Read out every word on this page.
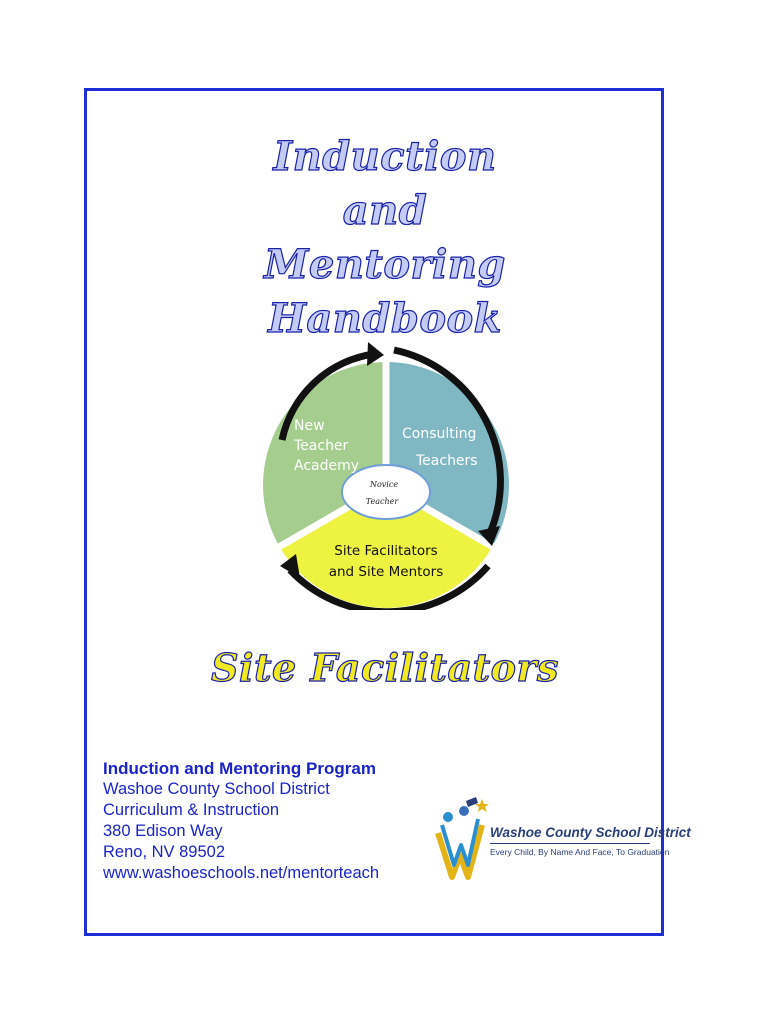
Induction
and
Mentoring
Handbook
Novice
Teacher
New
Teacher
Academy
Consulting
Teachers
Site Facilitators
and Site Mentors
Site Facilitators
Induction and Mentoring Program
Washoe County School District
Curriculum & Instruction
380 Edison Way
Reno, NV 89502
www.washoeschools.net/mentorteach
Washoe County School District
Every Child, By Name And Face, To Graduation
